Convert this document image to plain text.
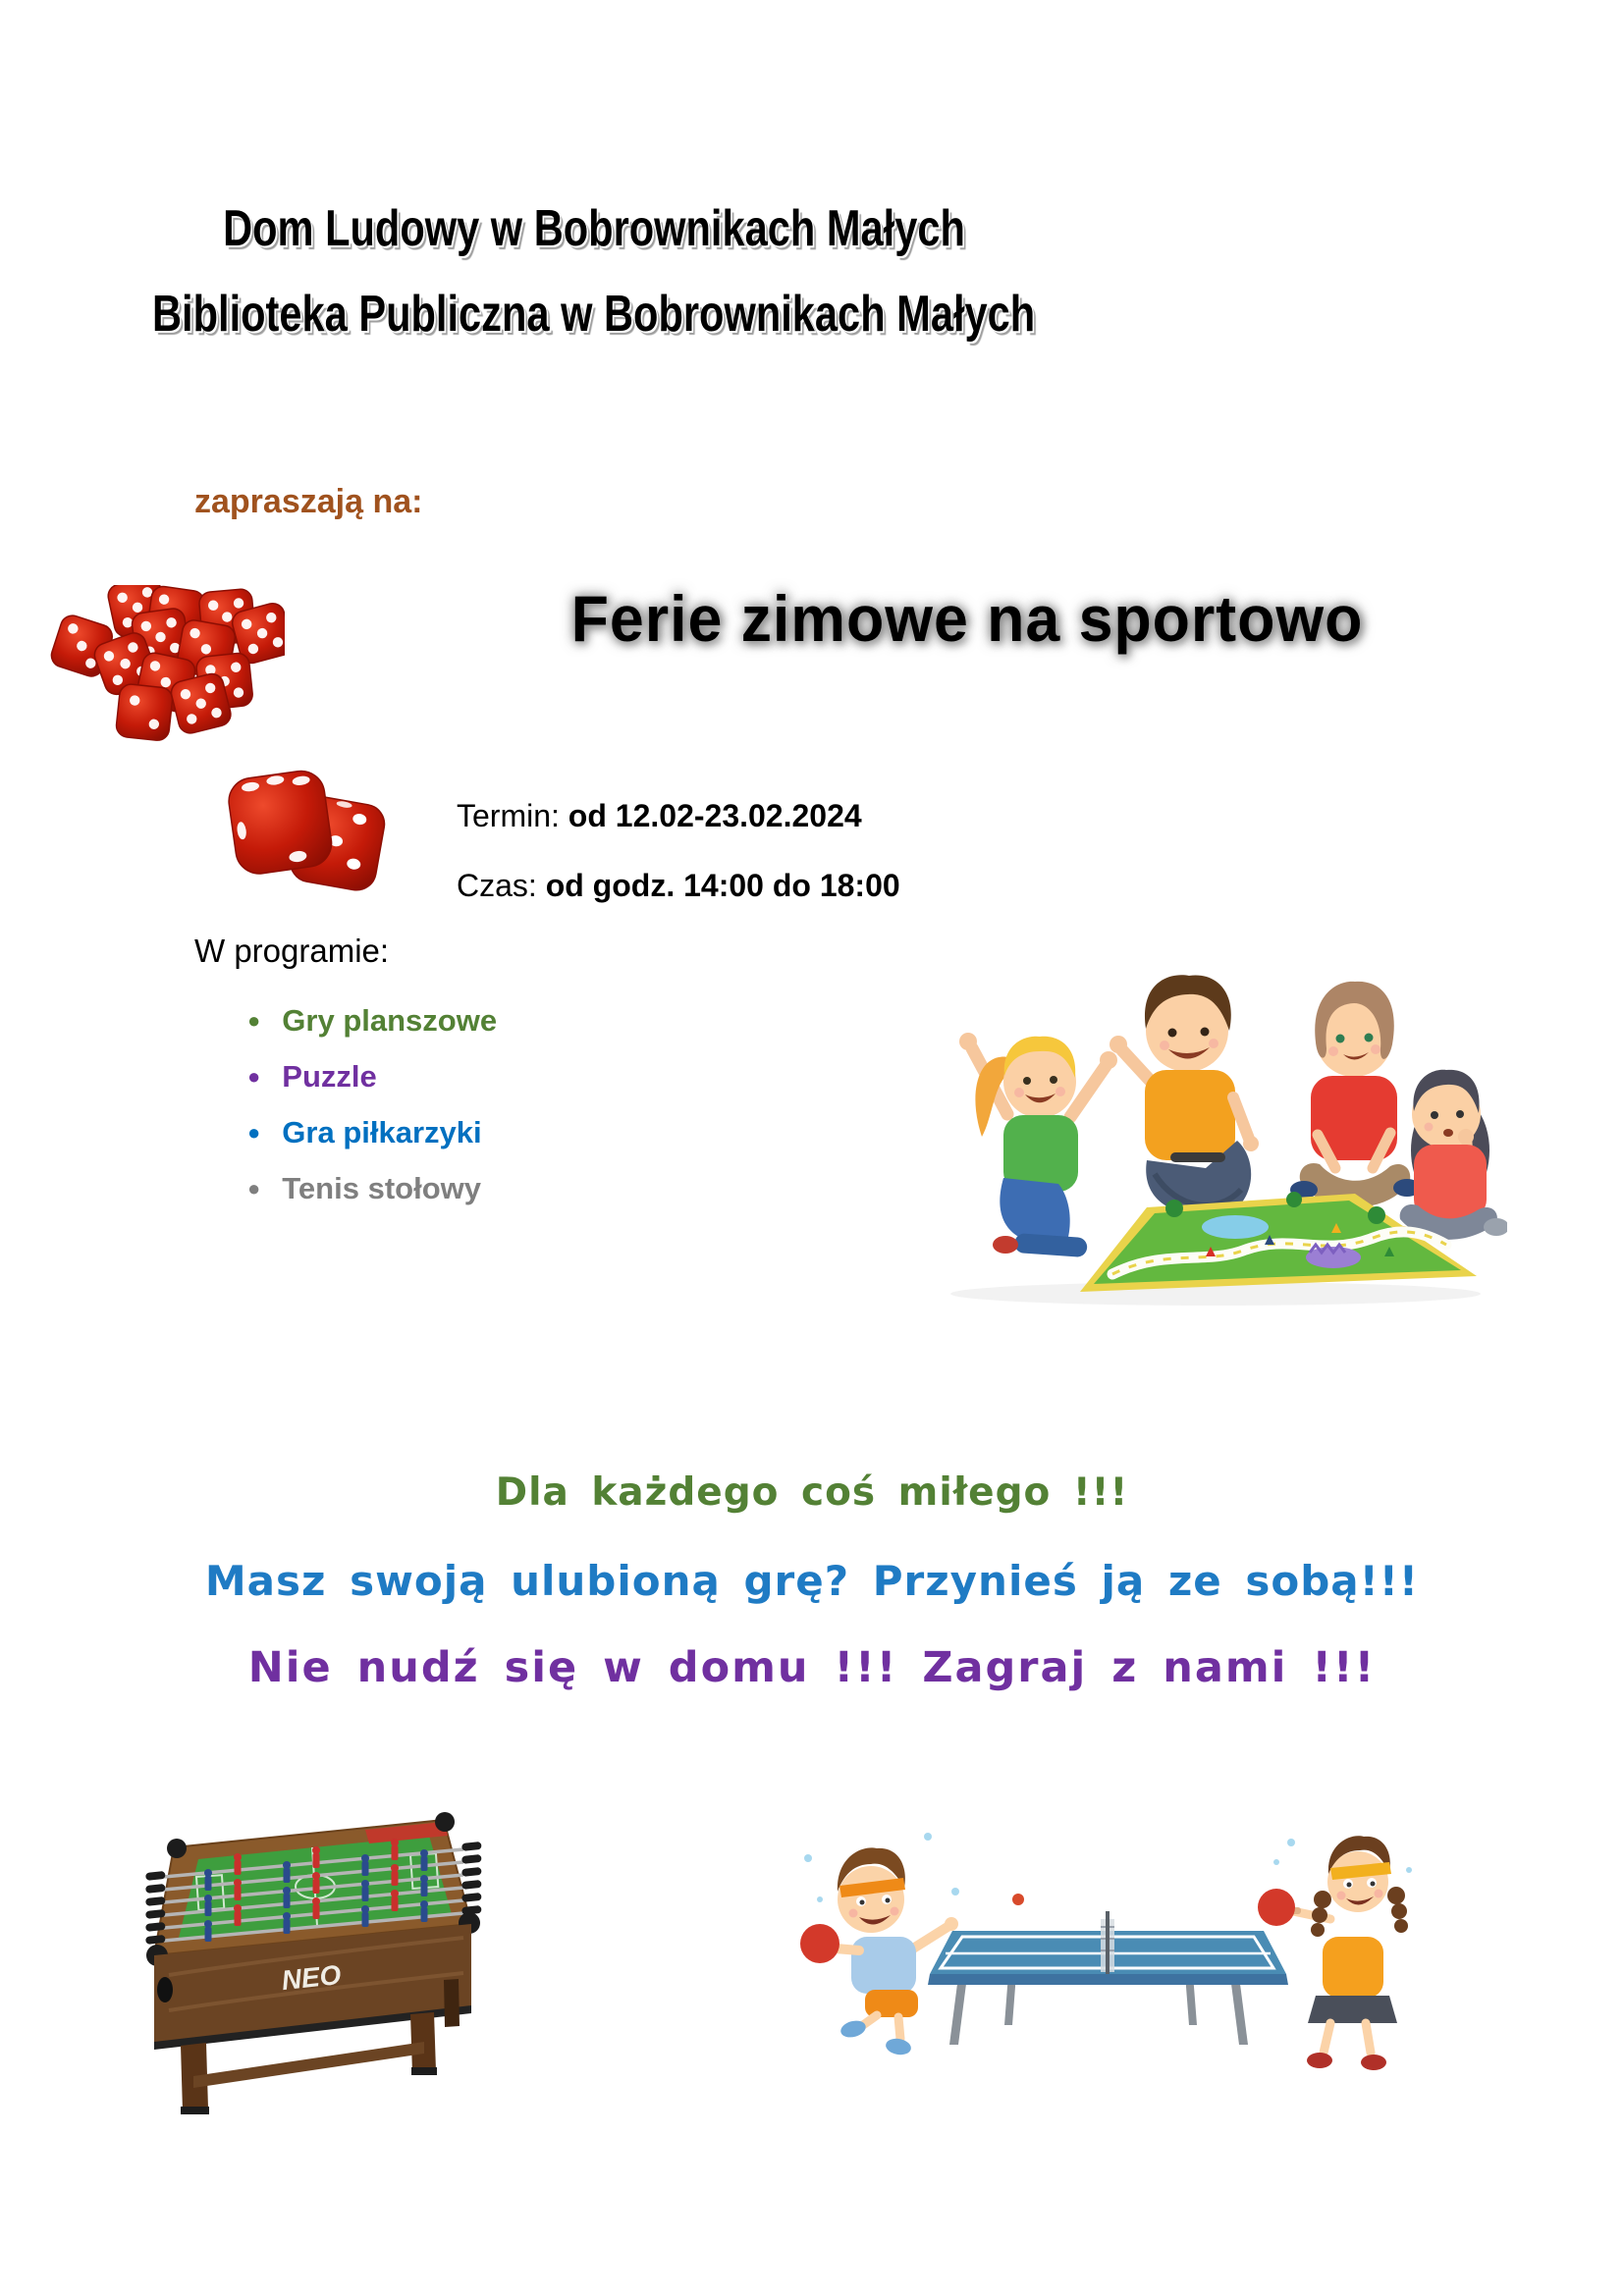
Dom Ludowy w Bobrownikach Małych
Biblioteka Publiczna w Bobrownikach Małych
zapraszają na:
Ferie zimowe na sportowo
Termin: od 12.02-23.02.2024
Czas: od godz. 14:00 do 18:00
W programie:
● Gry planszowe
● Puzzle
● Gra piłkarzyki
● Tenis stołowy
Dla każdego coś miłego !!!
Masz swoją ulubioną grę? Przynieś ją ze sobą!!!
Nie nudź się w domu !!! Zagraj z nami !!!
NEO
